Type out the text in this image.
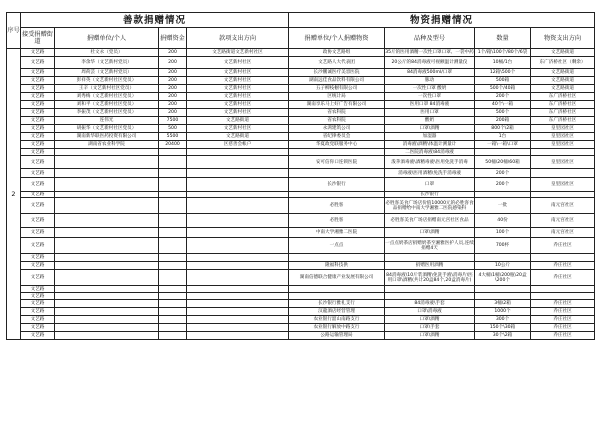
序号	善款捐赠情况				物资捐赠情况			
	接受捐赠街道	捐赠单位/个人	捐赠资金	款项支出方向	捐赠单位/个人捐赠物资	品种及型号	数量	物资支出方向
2	文艺路	杜文永（党员）	200	文艺路街道文艺新村社区	政协文艺路组	35斤的医用酒精一次性口罩口罩、一袋中药	1个/箱\100个/80个/6袋	文艺路街道
	文艺路	李余华（文艺新村党员）	200	文艺新村社区	文艺路人大代表团	20公斤的84消毒液可视额温计测量仪	10桶/1台	东广济桥社区（剩余）
	文艺路	周荷芸（文艺新村党员）	200	文艺新村社区	长沙鹏诚医疗美容医院	84消毒液500ml/口罩	12箱\500个	文艺路街道
	文艺路	彭祥英（文艺新村社区党员）	200	文艺新村社区	湖南远佳食品饮料有限公司	豚动	500箱	文艺路街道
	文艺路	王辛（文艺新村社区党员）	200	文艺新村社区	五子柳枝橱有限公司	一次性口罩 酸奶	500个/40箱	文艺路街道
	文艺路	刘秀梅（文艺新村社区党员）	200	文艺新村社区	区统计局	一次性口罩	200个	东广济桥社区
	文艺路	刘和平（文艺新村社区党员）	200	文艺新村社区	湖南享乐马上好广告有限公司	医用口罩 84消毒液	40个\一箱	东广济桥社区
	文艺路	李振茂（文艺新村社区党员）	200	文艺新村社区	省农科院	医用口罩	500个	东广济桥社区
	文艺路	连伟光	7500	文艺路街道	省农科院	酸奶	200箱	东广济桥社区
	文艺路	胡振华（文艺新村社区党员）	500	文艺新村社区	永鸿建筑公司	口罩\酒精	800个\2箱	皇里园社区
	文艺路	湖南新华联医药投资有限公司	5500	文艺路街道	省纪律委员会	加湿器	1台	皇里园社区
	文艺路	湖南省农业科学院	20400	区慈善会帐户	华夏政党联服务中心	消毒液\酒精\体温计测量计	一箱\一箱\口罩	皇里园社区
	文艺路					二医院消毒液\84消毒液		
	文艺路				安可信你口连锁医院	泼茅酒毒液\酒精毒液\医用免洗手消毒	50桶\20桶\60箱	皇里园社区
	文艺路					消毒液\医用酒精\免洗手消毒液	200个	
	文艺路				长沙银行	口罩	200个	皇里园社区
	文艺路					长沙银行		
	文艺路				必胜客	必胜客美食广场店价值10000元的必胜客食品捐赠给中南大学湘雅二医院感染科	一批	南元宫社区
	文艺路				必胜客	必胜客美食广场店捐赠南元宫社区食品	40份	南元宫社区
	文艺路				中南大学湘雅二医院	口罩\酒精	100个	南元宫社区
	文艺路				一点点	一点点奶茶店捐赠奶茶至湘雅医护人员,连续捐赠4天	700杯	乔庄社区
	文艺路							
	文艺路				隆福科技供	捐赠医用酒精	10公斤	乔庄社区
	文艺路				湖南信德联合健康产业发展有限公司	84消毒液\10斤装酒精\免洗手液\消毒片\医用口罩\酒精(共计20盒84个,20盒消毒片)	4大桶\1桶\200瓶\20盒\200个	乔庄社区
	文艺路							
	文艺路							
	文艺路				长沙银行雅礼支行	84消毒液\手套	3桶\2箱	乔庄社区
	文艺路				汉龍酒店经营管理	口罩\消毒液	1000个	乔庄社区
	文艺路				农业银行韶山南路支行	口罩\酒精	300个	乔庄社区
	文艺路				农业银行解放中路支行	口罩\手套	150个\30箱	乔庄社区
	文艺路				公路运输管理局	口罩\酒精	30个\2箱	乔庄社区
